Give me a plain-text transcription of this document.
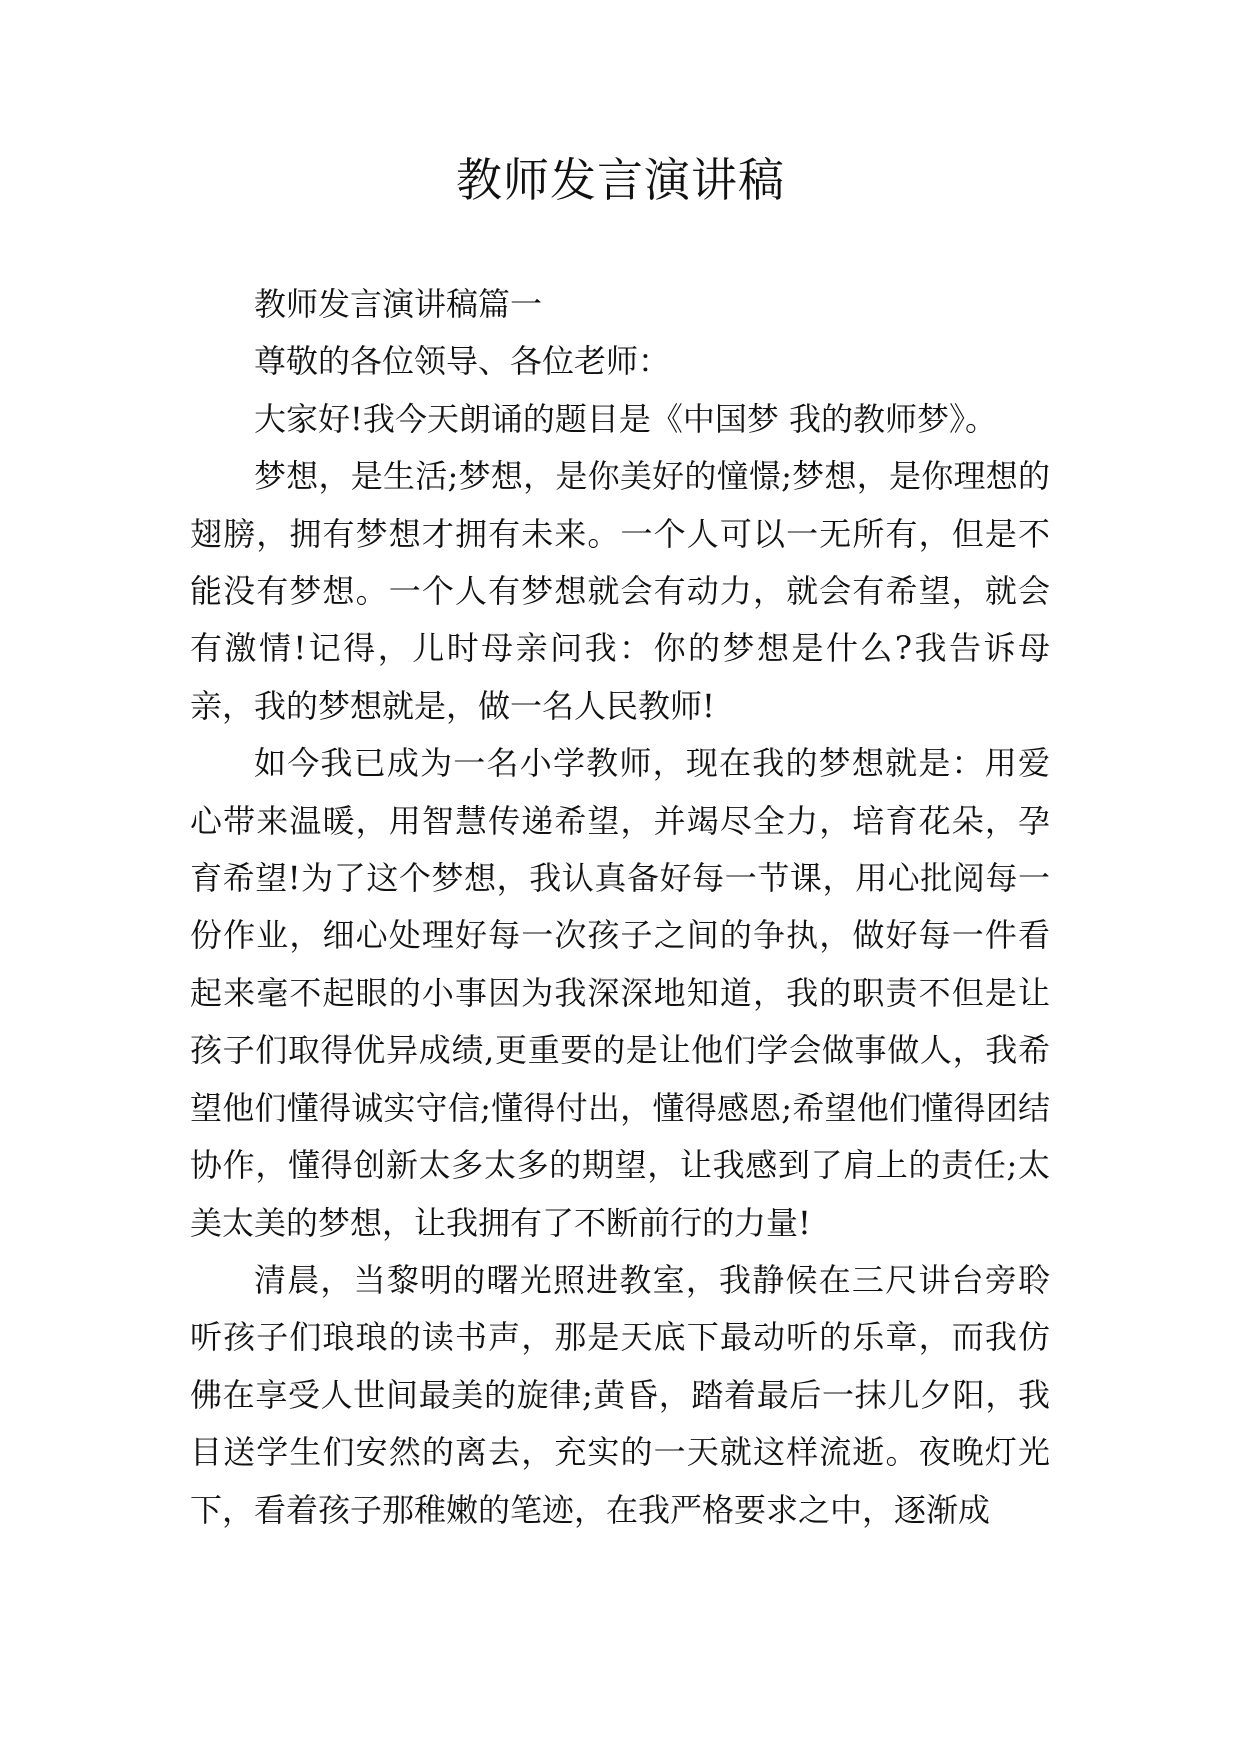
教师发言演讲稿

教师发言演讲稿篇一

尊敬的各位领导、各位老师：

大家好!我今天朗诵的题目是《中国梦 我的教师梦》。

梦想，是生活;梦想，是你美好的憧憬;梦想，是你理想的翅膀，拥有梦想才拥有未来。一个人可以一无所有，但是不能没有梦想。一个人有梦想就会有动力，就会有希望，就会有激情!记得，儿时母亲问我：你的梦想是什么?我告诉母亲，我的梦想就是，做一名人民教师!

如今我已成为一名小学教师，现在我的梦想就是：用爱心带来温暖，用智慧传递希望，并竭尽全力，培育花朵，孕育希望!为了这个梦想，我认真备好每一节课，用心批阅每一份作业，细心处理好每一次孩子之间的争执，做好每一件看起来毫不起眼的小事因为我深深地知道，我的职责不但是让孩子们取得优异成绩,更重要的是让他们学会做事做人，我希望他们懂得诚实守信;懂得付出，懂得感恩;希望他们懂得团结协作，懂得创新太多太多的期望，让我感到了肩上的责任;太美太美的梦想，让我拥有了不断前行的力量!

清晨，当黎明的曙光照进教室，我静候在三尺讲台旁聆听孩子们琅琅的读书声，那是天底下最动听的乐章，而我仿佛在享受人世间最美的旋律;黄昏，踏着最后一抹儿夕阳，我目送学生们安然的离去，充实的一天就这样流逝。夜晚灯光下，看着孩子那稚嫩的笔迹，在我严格要求之中，逐渐成
